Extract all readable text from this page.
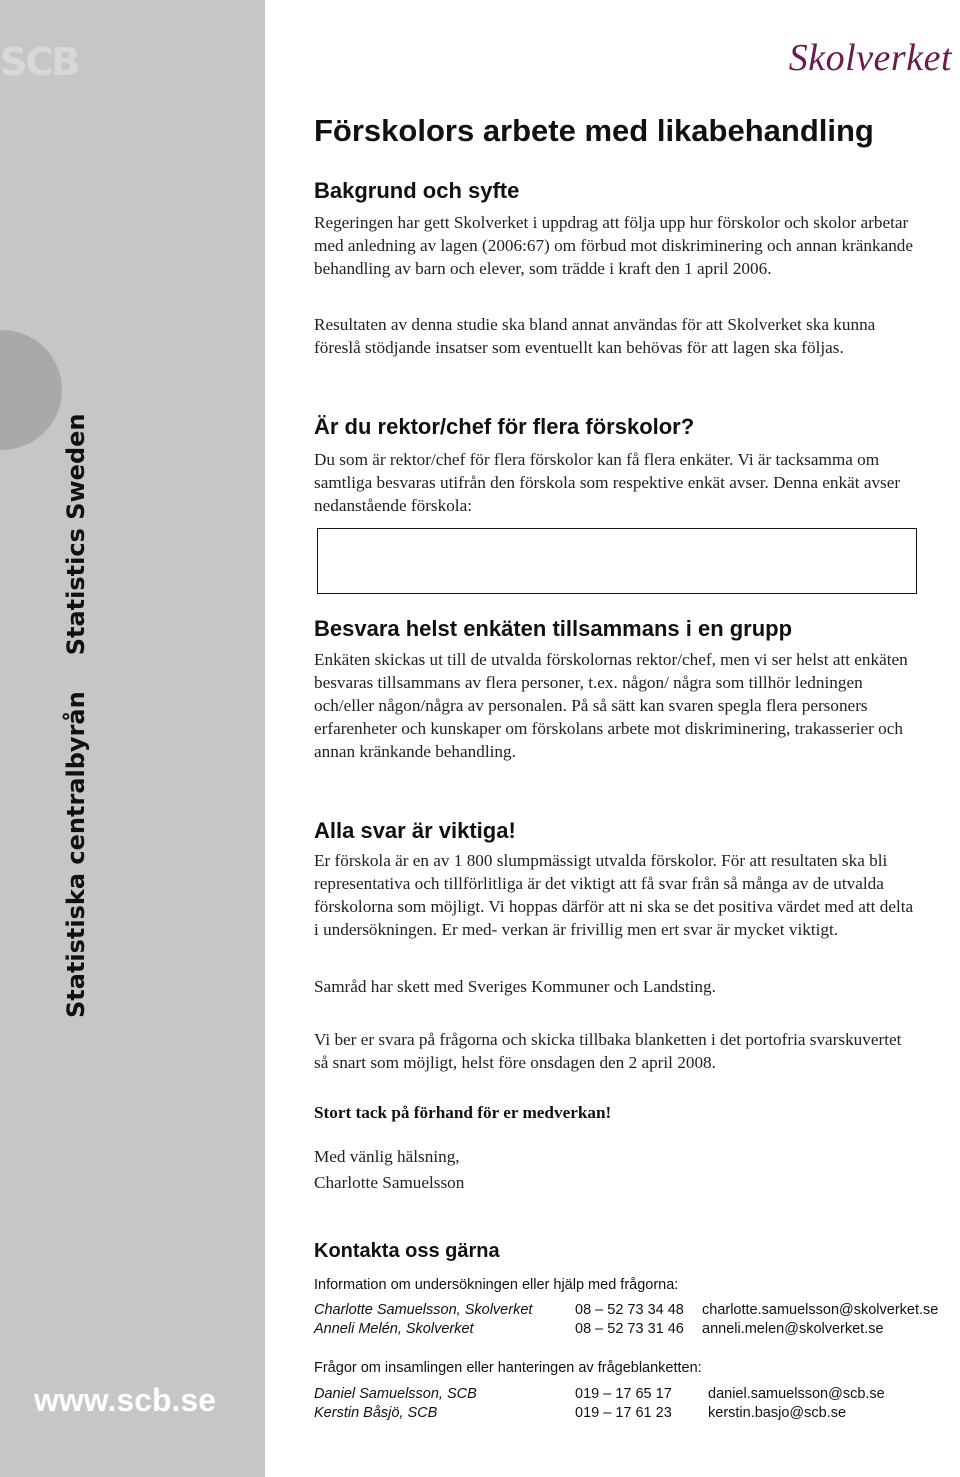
SCB
Statistiska centralbyrånStatistics Sweden
www.scb.se
Skolverket
Förskolors arbete med likabehandling
Bakgrund och syfte

Regeringen har gett Skolverket i uppdrag att följa upp hur förskolor och skolor arbetar med anledning av lagen (2006:67) om förbud mot diskriminering och annan kränkande behandling av barn och elever, som trädde i kraft den 1 april 2006.

Resultaten av denna studie ska bland annat användas för att Skolverket ska kunna föreslå stödjande insatser som eventuellt kan behövas för att lagen ska följas.

Är du rektor/chef för flera förskolor?

Du som är rektor/chef för flera förskolor kan få flera enkäter. Vi är tacksamma om samtliga besvaras utifrån den förskola som respektive enkät avser. Denna enkät avser nedanstående förskola:

Besvara helst enkäten tillsammans i en grupp

Enkäten skickas ut till de utvalda förskolornas rektor/chef, men vi ser helst att enkäten besvaras tillsammans av flera personer, t.ex. någon/ några som tillhör ledningen och/eller någon/några av personalen. På så sätt kan svaren spegla flera personers erfarenheter och kunskaper om förskolans arbete mot diskriminering, trakasserier och annan kränkande behandling.

Alla svar är viktiga!

Er förskola är en av 1 800 slumpmässigt utvalda förskolor. För att resultaten ska bli representativa och tillförlitliga är det viktigt att få svar från så många av de utvalda förskolorna som möjligt. Vi hoppas därför att ni ska se det positiva värdet med att delta i undersökningen. Er med- verkan är frivillig men ert svar är mycket viktigt.

Samråd har skett med Sveriges Kommuner och Landsting.

Vi ber er svara på frågorna och skicka tillbaka blanketten i det portofria svarskuvertet så snart som möjligt, helst före onsdagen den 2 april 2008.

Stort tack på förhand för er medverkan!

Med vänlig hälsning,

Charlotte Samuelsson

Kontakta oss gärna

Information om undersökningen eller hjälp med frågorna:

Charlotte Samuelsson, Skolverket	08 – 52 73 34 48 charlotte.samuelsson@skolverket.se
Anneli Melén, Skolverket	08 – 52 73 31 46 anneli.melen@skolverket.se

Frågor om insamlingen eller hanteringen av frågeblanketten:

Daniel Samuelsson, SCB	019 – 17 65 17 daniel.samuelsson@scb.se
Kerstin Båsjö, SCB	019 – 17 61 23 kerstin.basjo@scb.se
